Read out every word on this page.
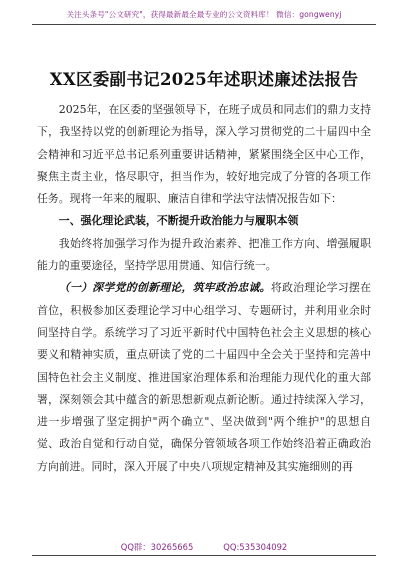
关注头条号"公文研究"，获得最新最全最专业的公文资料库！ 微信：gongwenyj
XX区委副书记2025年述职述廉述法报告

2025年，在区委的坚强领导下，在班子成员和同志们的鼎力支持下，我坚持以党的创新理论为指导，深入学习贯彻党的二十届四中全会精神和习近平总书记系列重要讲话精神，紧紧围绕全区中心工作，聚焦主责主业，恪尽职守，担当作为，较好地完成了分管的各项工作任务。现将一年来的履职、廉洁自律和学法守法情况报告如下：

一、强化理论武装，不断提升政治能力与履职本领

我始终将加强学习作为提升政治素养、把准工作方向、增强履职能力的重要途径，坚持学思用贯通、知信行统一。

（一）深学党的创新理论，筑牢政治忠诚。将政治理论学习摆在首位，积极参加区委理论学习中心组学习、专题研讨，并利用业余时间坚持自学。系统学习了习近平新时代中国特色社会主义思想的核心要义和精神实质，重点研读了党的二十届四中全会关于坚持和完善中国特色社会主义制度、推进国家治理体系和治理能力现代化的重大部署，深刻领会其中蕴含的新思想新观点新论断。通过持续深入学习，进一步增强了坚定拥护"两个确立"、坚决做到"两个维护"的思想自觉、政治自觉和行动自觉，确保分管领域各项工作始终沿着正确政治方向前进。同时，深入开展了中央八项规定精神及其实施细则的再

QQ群：30265665	QQ:535304092
